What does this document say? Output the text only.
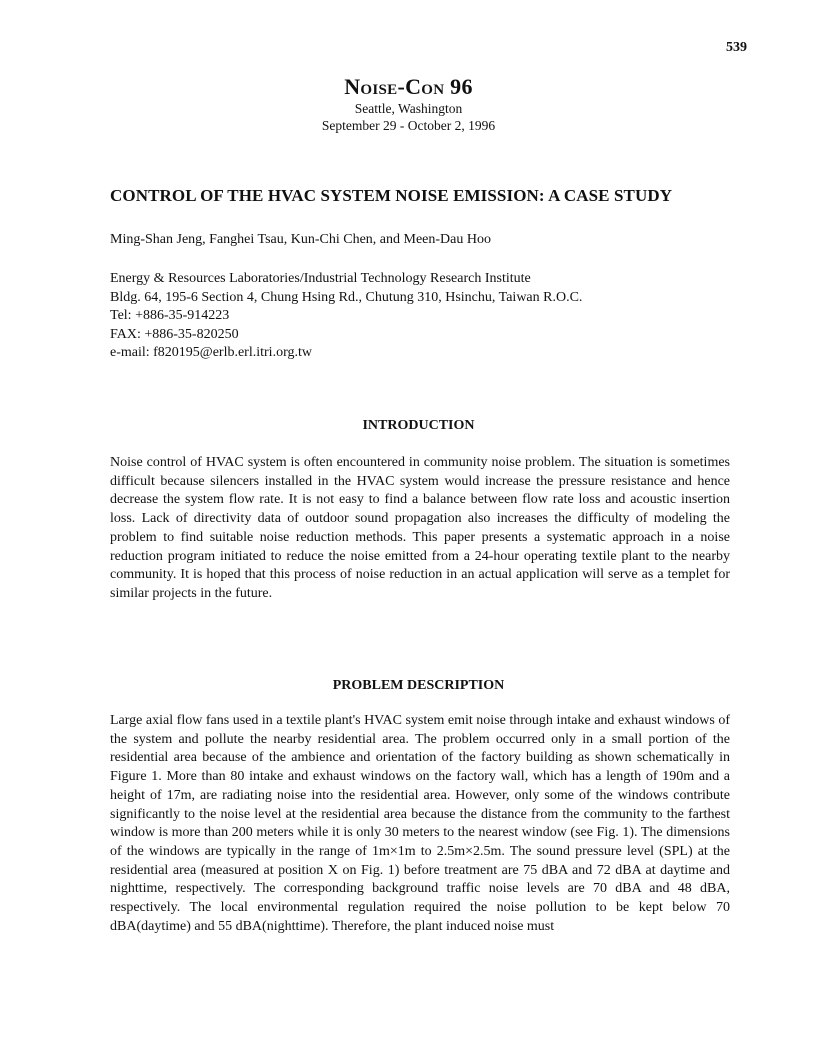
539
Noise-Con 96
Seattle, Washington
September 29 - October 2, 1996
CONTROL OF THE HVAC SYSTEM NOISE EMISSION: A CASE STUDY
Ming-Shan Jeng, Fanghei Tsau, Kun-Chi Chen, and Meen-Dau Hoo
Energy & Resources Laboratories/Industrial Technology Research Institute
Bldg. 64, 195-6 Section 4, Chung Hsing Rd., Chutung 310, Hsinchu, Taiwan R.O.C.
Tel: +886-35-914223
FAX: +886-35-820250
e-mail: f820195@erlb.erl.itri.org.tw
INTRODUCTION

Noise control of HVAC system is often encountered in community noise problem. The situation is sometimes difficult because silencers installed in the HVAC system would increase the pressure resistance and hence decrease the system flow rate. It is not easy to find a balance between flow rate loss and acoustic insertion loss. Lack of directivity data of outdoor sound propagation also increases the difficulty of modeling the problem to find suitable noise reduction methods. This paper presents a systematic approach in a noise reduction program initiated to reduce the noise emitted from a 24-hour operating textile plant to the nearby community. It is hoped that this process of noise reduction in an actual application will serve as a templet for similar projects in the future.

PROBLEM DESCRIPTION

Large axial flow fans used in a textile plant's HVAC system emit noise through intake and exhaust windows of the system and pollute the nearby residential area. The problem occurred only in a small portion of the residential area because of the ambience and orientation of the factory building as shown schematically in Figure 1. More than 80 intake and exhaust windows on the factory wall, which has a length of 190m and a height of 17m, are radiating noise into the residential area. However, only some of the windows contribute significantly to the noise level at the residential area because the distance from the community to the farthest window is more than 200 meters while it is only 30 meters to the nearest window (see Fig. 1). The dimensions of the windows are typically in the range of 1m×1m to 2.5m×2.5m. The sound pressure level (SPL) at the residential area (measured at position X on Fig. 1) before treatment are 75 dBA and 72 dBA at daytime and nighttime, respectively. The corresponding background traffic noise levels are 70 dBA and 48 dBA, respectively. The local environmental regulation required the noise pollution to be kept below 70 dBA(daytime) and 55 dBA(nighttime). Therefore, the plant induced noise must
